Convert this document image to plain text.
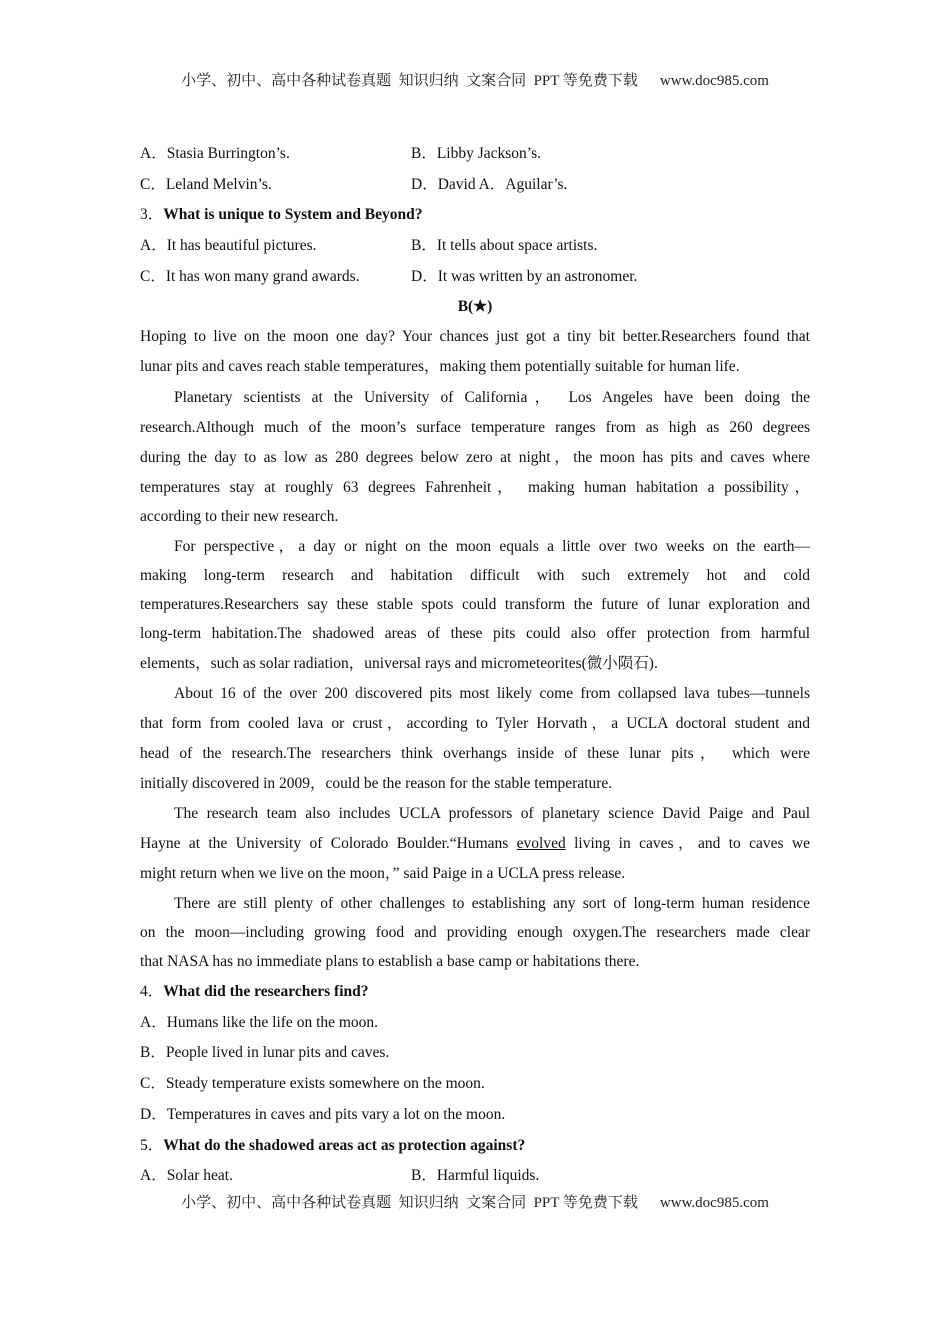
小学、初中、高中各种试卷真题  知识归纳  文案合同  PPT 等免费下载 www.doc985.com
A．Stasia Burrington’s.	B．Libby Jackson’s.
C．Leland Melvin’s.	D．David A．Aguilar’s.
3．What is unique to System and Beyond?
A．It has beautiful pictures.	B．It tells about space artists.
C．It has won many grand awards.	D．It was written by an astronomer.
B(★)
Hoping to live on the moon one day? Your chances just got a tiny bit better.Researchers found that
lunar pits and caves reach stable temperatures，making them potentially suitable for human life.
Planetary scientists at the University of California， Los Angeles have been doing the
research.Although much of the moon’s surface temperature ranges from as high as 260 degrees
during the day to as low as 280 degrees below zero at night，the moon has pits and caves where
temperatures stay at roughly 63 degrees Fahrenheit， making human habitation a possibility，
according to their new research.
For perspective，a day or night on the moon equals a little over two weeks on the earth—
making long-term research and habitation difficult with such extremely hot and cold
temperatures.Researchers say these stable spots could transform the future of lunar exploration and
long-term habitation.The shadowed areas of these pits could also offer protection from harmful
elements，such as solar radiation，universal rays and micrometeorites(微小陨石).
About 16 of the over 200 discovered pits most likely come from collapsed lava tubes—tunnels
that form from cooled lava or crust，according to Tyler Horvath，a UCLA doctoral student and
head of the research.The researchers think overhangs inside of these lunar pits， which were
initially discovered in 2009，could be the reason for the stable temperature.
The research team also includes UCLA professors of planetary science David Paige and Paul
Hayne at the University of Colorado Boulder.“Humans evolved living in caves，and to caves we
might return when we live on the moon，” said Paige in a UCLA press release.
There are still plenty of other challenges to establishing any sort of long-term human residence
on the moon—including growing food and providing enough oxygen.The researchers made clear
that NASA has no immediate plans to establish a base camp or habitations there.
4．What did the researchers find?
A．Humans like the life on the moon.
B．People lived in lunar pits and caves.
C．Steady temperature exists somewhere on the moon.
D．Temperatures in caves and pits vary a lot on the moon.
5．What do the shadowed areas act as protection against?
A．Solar heat.	B．Harmful liquids.
小学、初中、高中各种试卷真题  知识归纳  文案合同  PPT 等免费下载 www.doc985.com
